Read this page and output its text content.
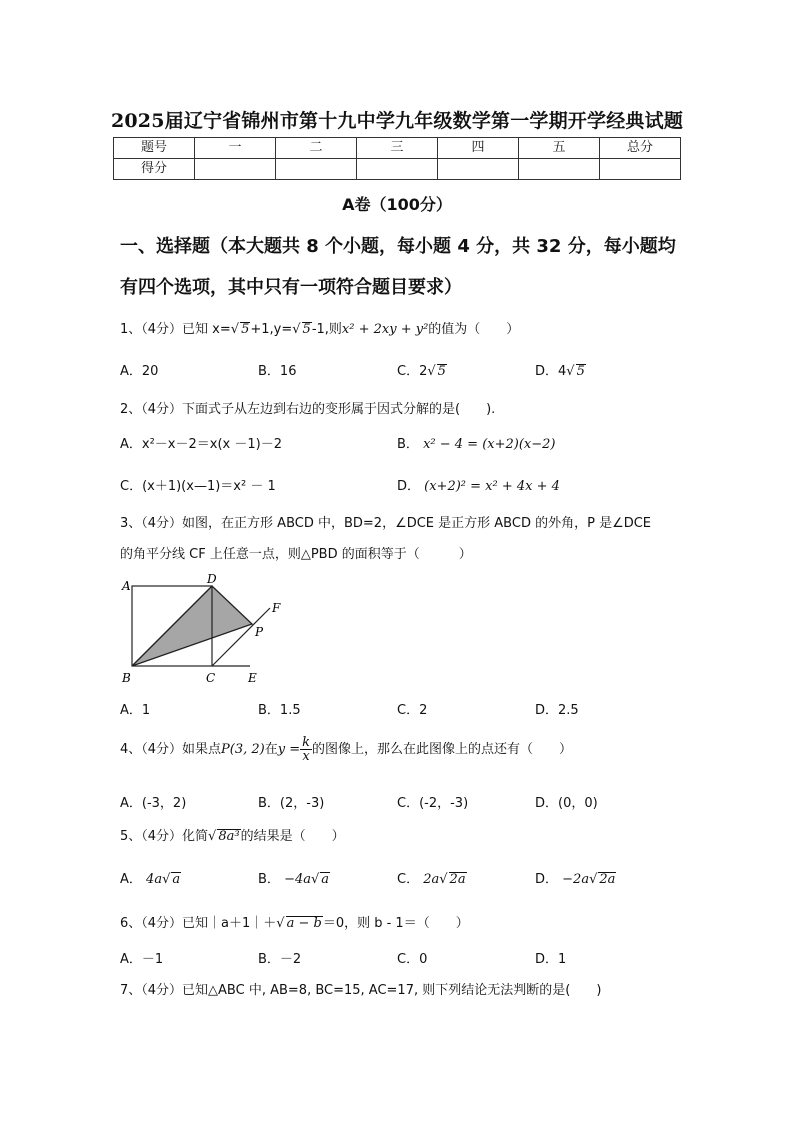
2025届辽宁省锦州市第十九中学九年级数学第一学期开学经典试题
题号	一	二	三	四	五	总分
得分						
A卷（100分）
一、选择题（本大题共 8 个小题，每小题 4 分，共 32 分，每小题均
有四个选项，其中只有一项符合题目要求）
1、（4分）已知 x=√ 5+1,y=√ 5-1,则x² + 2xy + y²的值为（　　）
A．20	B．16	C．2√ 5	D．4√ 5
2、（4分）下面式子从左边到右边的变形属于因式分解的是(　　).
A．x²－x－2＝x(x －1)－2	B． x² − 4 = (x+2)(x−2)
C．(x＋1)(x—1)＝x² － 1	D． (x+2)² = x² + 4x + 4
3、（4分）如图，在正方形 ABCD 中，BD=2，∠DCE 是正方形 ABCD 的外角，P 是∠DCE
的角平分线 CF 上任意一点，则△PBD 的面积等于（　　　）
A	D
F
P
B	C	E
A．1	B．1.5	C．2	D．2.5
4、（4分）如果点P(3, 2)在$y = \frac{k}{x}$ 的图像上，那么在此图像上的点还有（　　）
A．(-3，2)	B．(2，-3)	C．(-2，-3)	D．(0，0)
5、（4分）化简√ 8a³的结果是（　　）
A． 4a√ a	B． −4a√ a	C． 2a√ 2a	D． −2a√ 2a
6、（4分）已知｜a＋1｜＋√ a − b＝0，则 b - 1＝（　　）
A．－1	B．－2	C．0	D．1
7、（4分）已知△ABC 中, AB=8, BC=15, AC=17, 则下列结论无法判断的是(　　)
